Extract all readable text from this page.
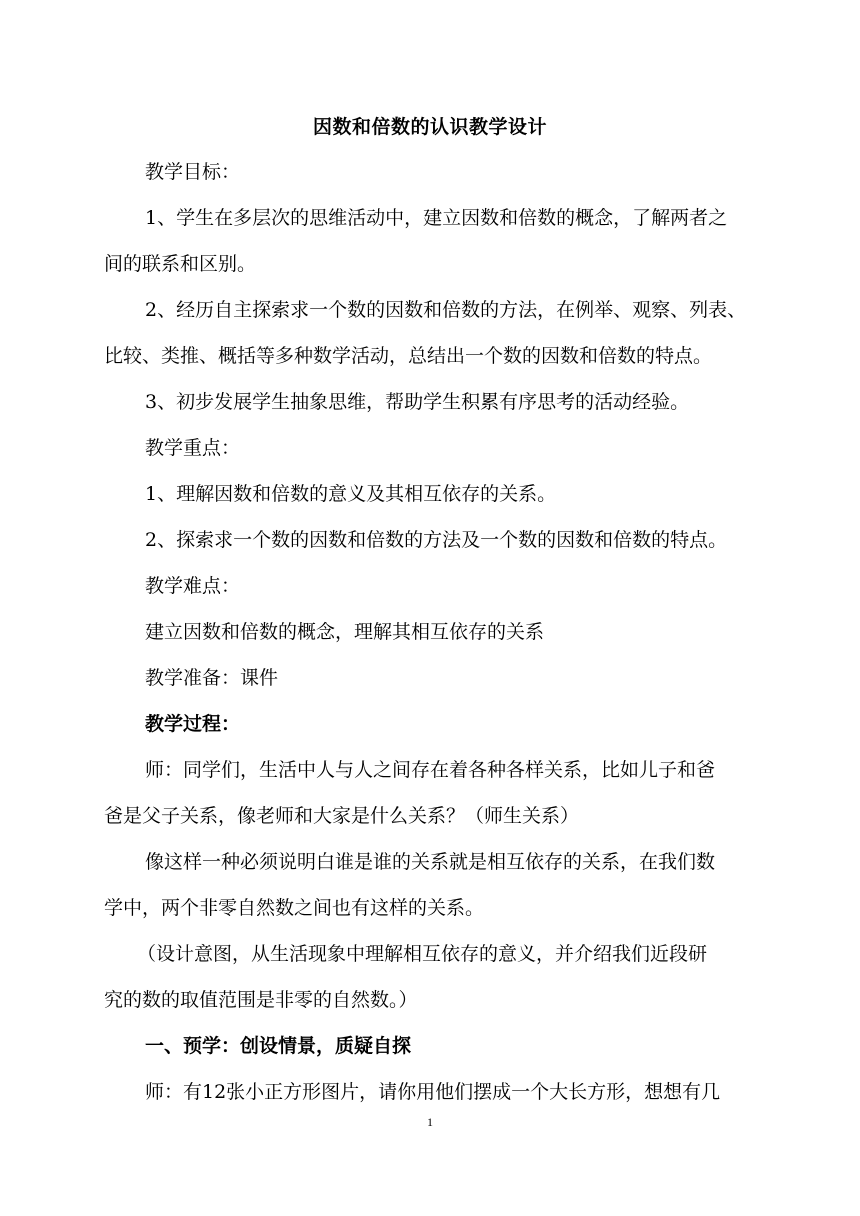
因数和倍数的认识教学设计
教学目标：
1、学生在多层次的思维活动中，建立因数和倍数的概念，了解两者之
间的联系和区别。
2、经历自主探索求一个数的因数和倍数的方法，在例举、观察、列表、
比较、类推、概括等多种数学活动，总结出一个数的因数和倍数的特点。
3、初步发展学生抽象思维，帮助学生积累有序思考的活动经验。
教学重点：
1、理解因数和倍数的意义及其相互依存的关系。
2、探索求一个数的因数和倍数的方法及一个数的因数和倍数的特点。
教学难点：
建立因数和倍数的概念，理解其相互依存的关系
教学准备：课件
教学过程：
师：同学们，生活中人与人之间存在着各种各样关系，比如儿子和爸
爸是父子关系，像老师和大家是什么关系？（师生关系）
像这样一种必须说明白谁是谁的关系就是相互依存的关系，在我们数
学中，两个非零自然数之间也有这样的关系。
（设计意图，从生活现象中理解相互依存的意义，并介绍我们近段研
究的数的取值范围是非零的自然数。）
一、预学：创设情景，质疑自探
师：有12张小正方形图片，请你用他们摆成一个大长方形，想想有几
1
